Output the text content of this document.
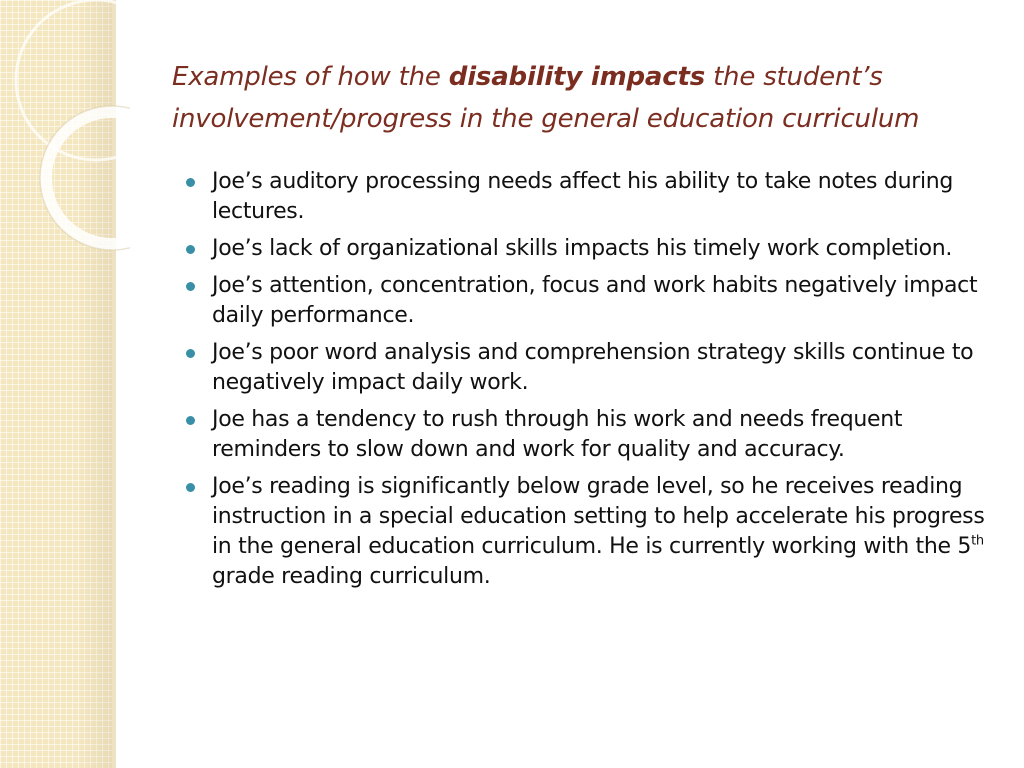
Examples of how the disability impacts the student’s involvement/progress in the general education curriculum
Joe’s auditory processing needs affect his ability to take notes during lectures.
Joe’s lack of organizational skills impacts his timely work completion.
Joe’s attention, concentration, focus and work habits negatively impact daily performance.
Joe’s poor word analysis and comprehension strategy skills continue to negatively impact daily work.
Joe has a tendency to rush through his work and needs frequent reminders to slow down and work for quality and accuracy.
Joe’s reading is significantly below grade level, so he receives reading instruction in a special education setting to help accelerate his progress in the general education curriculum. He is currently working with the 5th grade reading curriculum.
